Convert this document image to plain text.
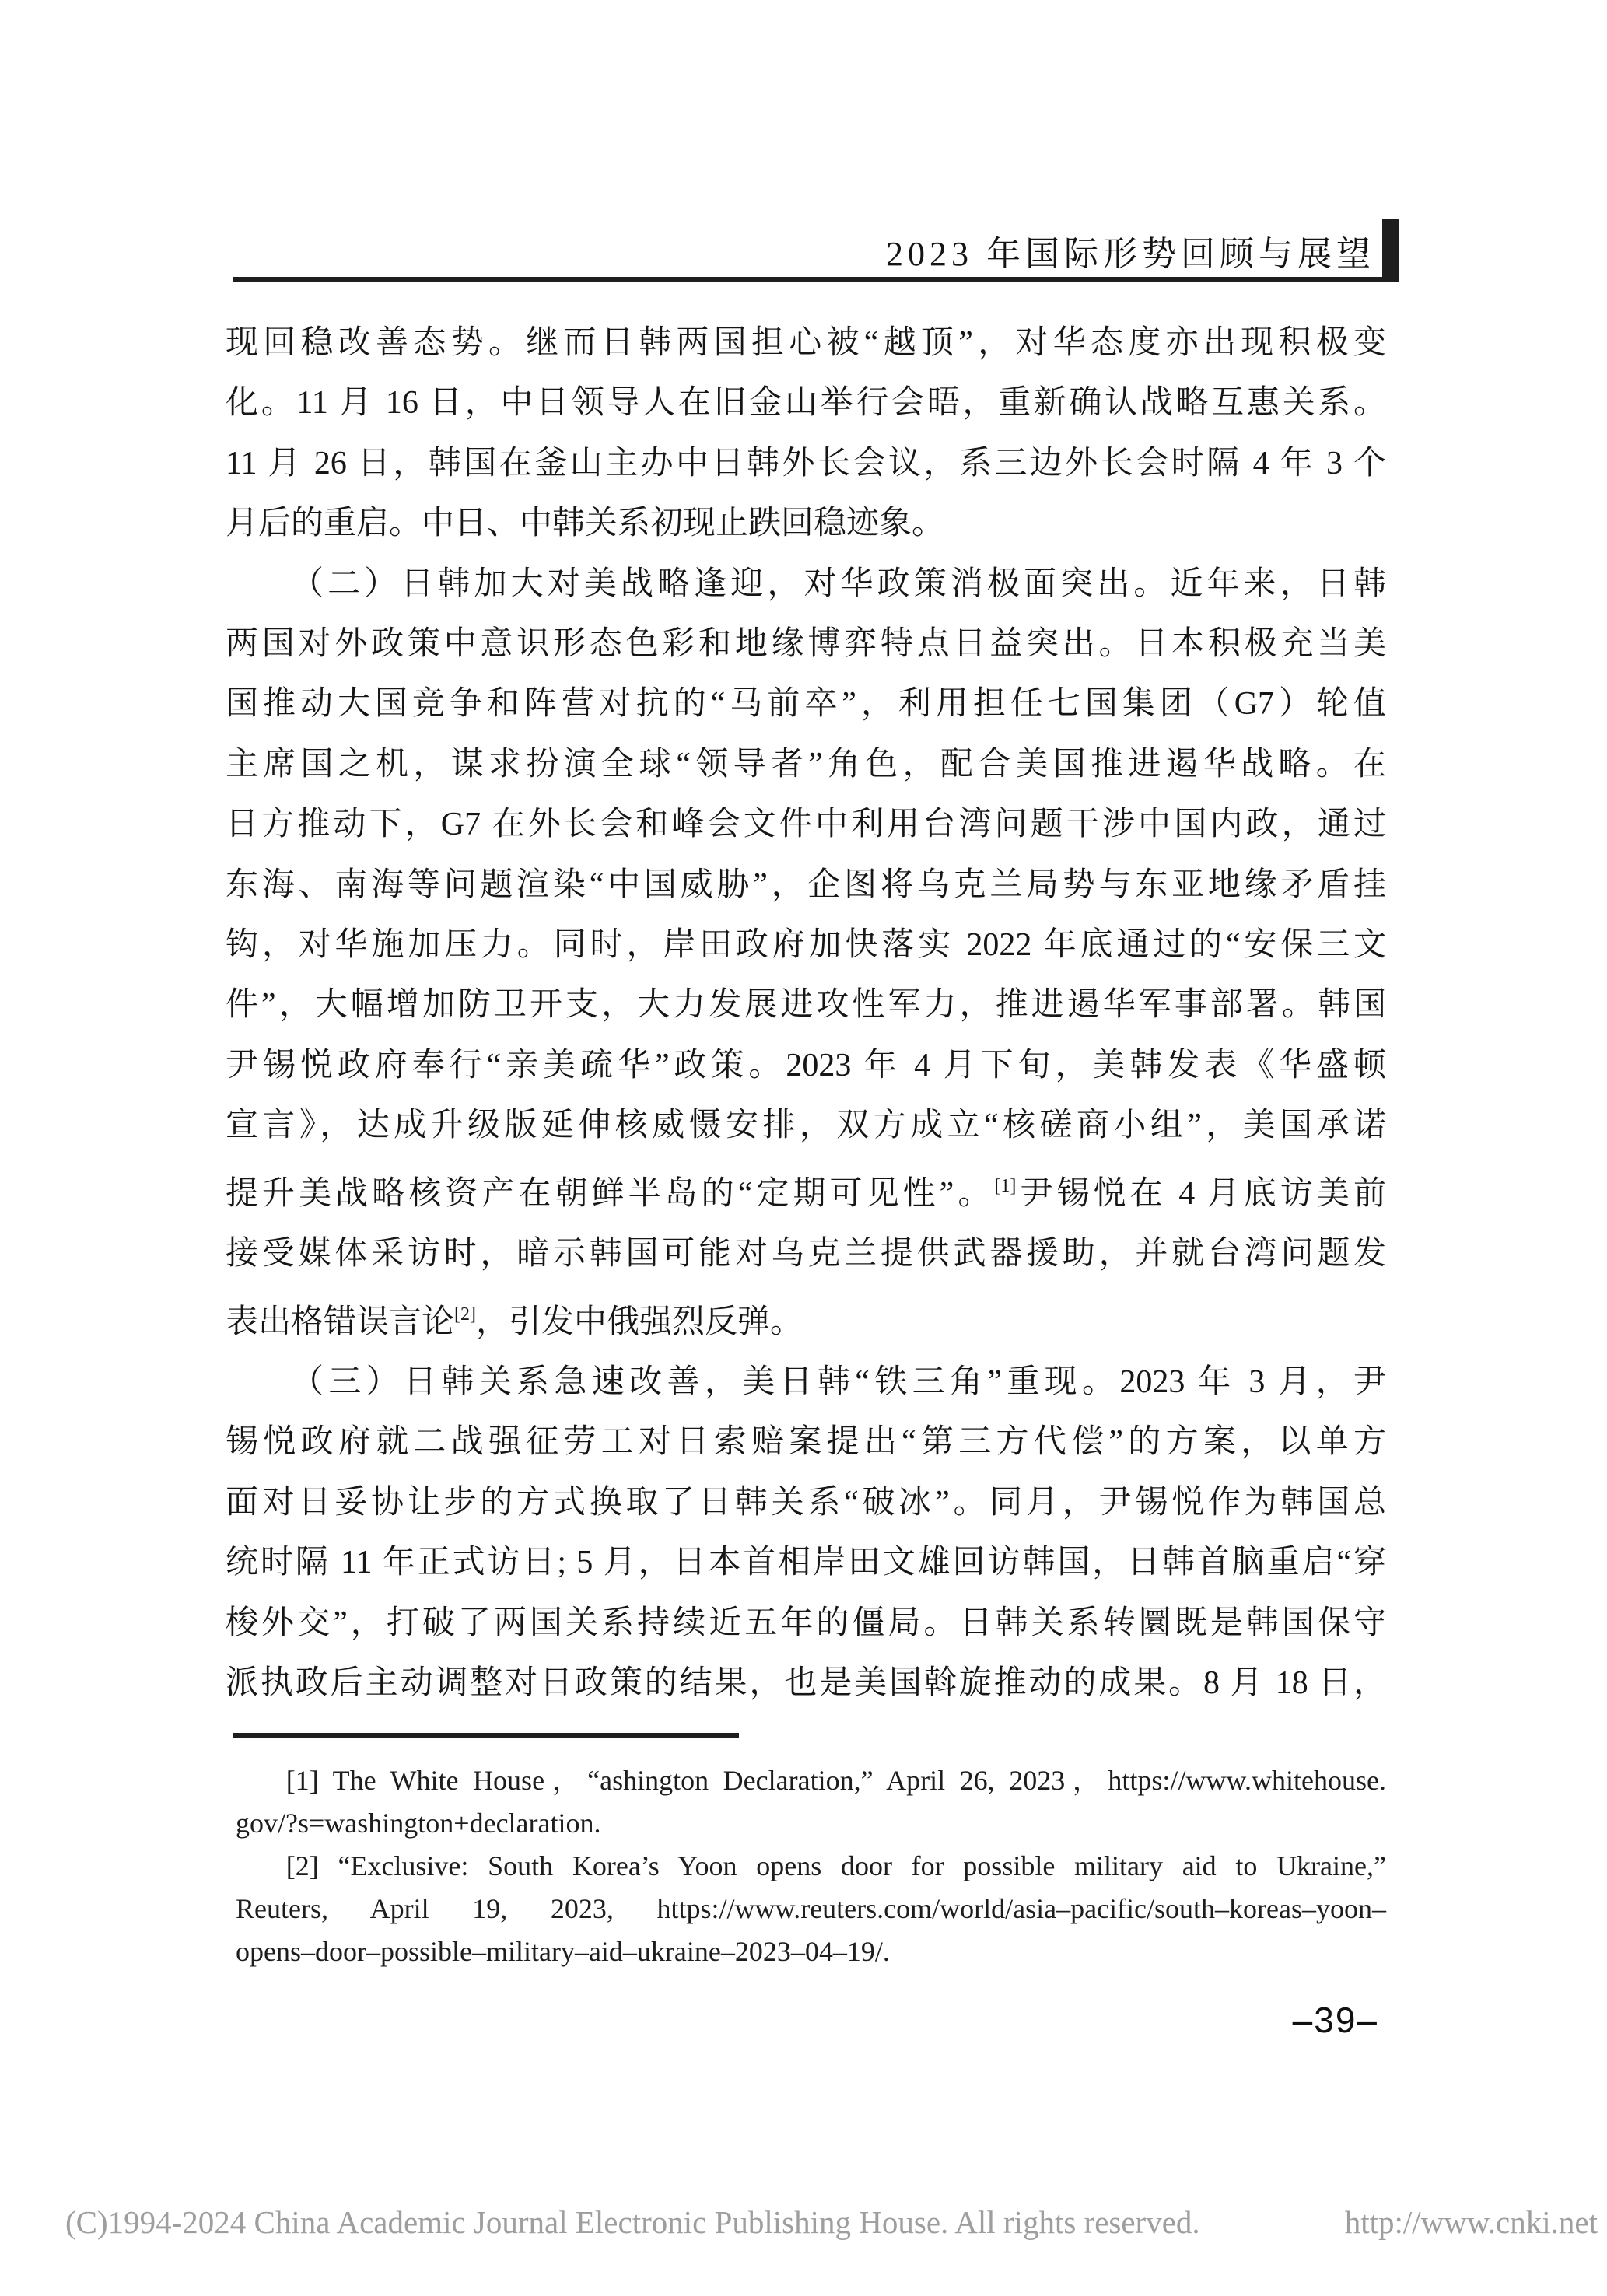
2023 年国际形势回顾与展望
现回稳改善态势。继而日韩两国担心被“越顶”，对华态度亦出现积极变
化。11 月 16 日，中日领导人在旧金山举行会晤，重新确认战略互惠关系。
11 月 26 日，韩国在釜山主办中日韩外长会议，系三边外长会时隔 4 年 3 个
月后的重启。中日、中韩关系初现止跌回稳迹象。
（二）日韩加大对美战略逢迎，对华政策消极面突出。近年来，日韩
两国对外政策中意识形态色彩和地缘博弈特点日益突出。日本积极充当美
国推动大国竞争和阵营对抗的“马前卒”，利用担任七国集团（G7）轮值
主席国之机，谋求扮演全球“领导者”角色，配合美国推进遏华战略。在
日方推动下，G7 在外长会和峰会文件中利用台湾问题干涉中国内政，通过
东海、南海等问题渲染“中国威胁”，企图将乌克兰局势与东亚地缘矛盾挂
钩，对华施加压力。同时，岸田政府加快落实 2022 年底通过的“安保三文
件”，大幅增加防卫开支，大力发展进攻性军力，推进遏华军事部署。韩国
尹锡悦政府奉行“亲美疏华”政策。2023 年 4 月下旬，美韩发表《华盛顿
宣言》，达成升级版延伸核威慑安排，双方成立“核磋商小组”，美国承诺
提升美战略核资产在朝鲜半岛的“定期可见性”。[1]尹锡悦在 4 月底访美前
接受媒体采访时，暗示韩国可能对乌克兰提供武器援助，并就台湾问题发
表出格错误言论[2]，引发中俄强烈反弹。
（三）日韩关系急速改善，美日韩“铁三角”重现。2023 年 3 月，尹
锡悦政府就二战强征劳工对日索赔案提出“第三方代偿”的方案，以单方
面对日妥协让步的方式换取了日韩关系“破冰”。同月，尹锡悦作为韩国总
统时隔 11 年正式访日; 5 月，日本首相岸田文雄回访韩国，日韩首脑重启“穿
梭外交”，打破了两国关系持续近五年的僵局。日韩关系转圜既是韩国保守
派执政后主动调整对日政策的结果，也是美国斡旋推动的成果。8 月 18 日，
[1] The White House，“ashington Declaration,” April 26, 2023，https://www.whitehouse.
gov/?s=washington+declaration.
[2] “Exclusive: South Korea’s Yoon opens door for possible military aid to Ukraine,”
Reuters, April 19, 2023, https://www.reuters.com/world/asia–pacific/south–koreas–yoon–
opens–door–possible–military–aid–ukraine–2023–04–19/.
–39–
(C)1994-2024 China Academic Journal Electronic Publishing House. All rights reserved.	http://www.cnki.net
